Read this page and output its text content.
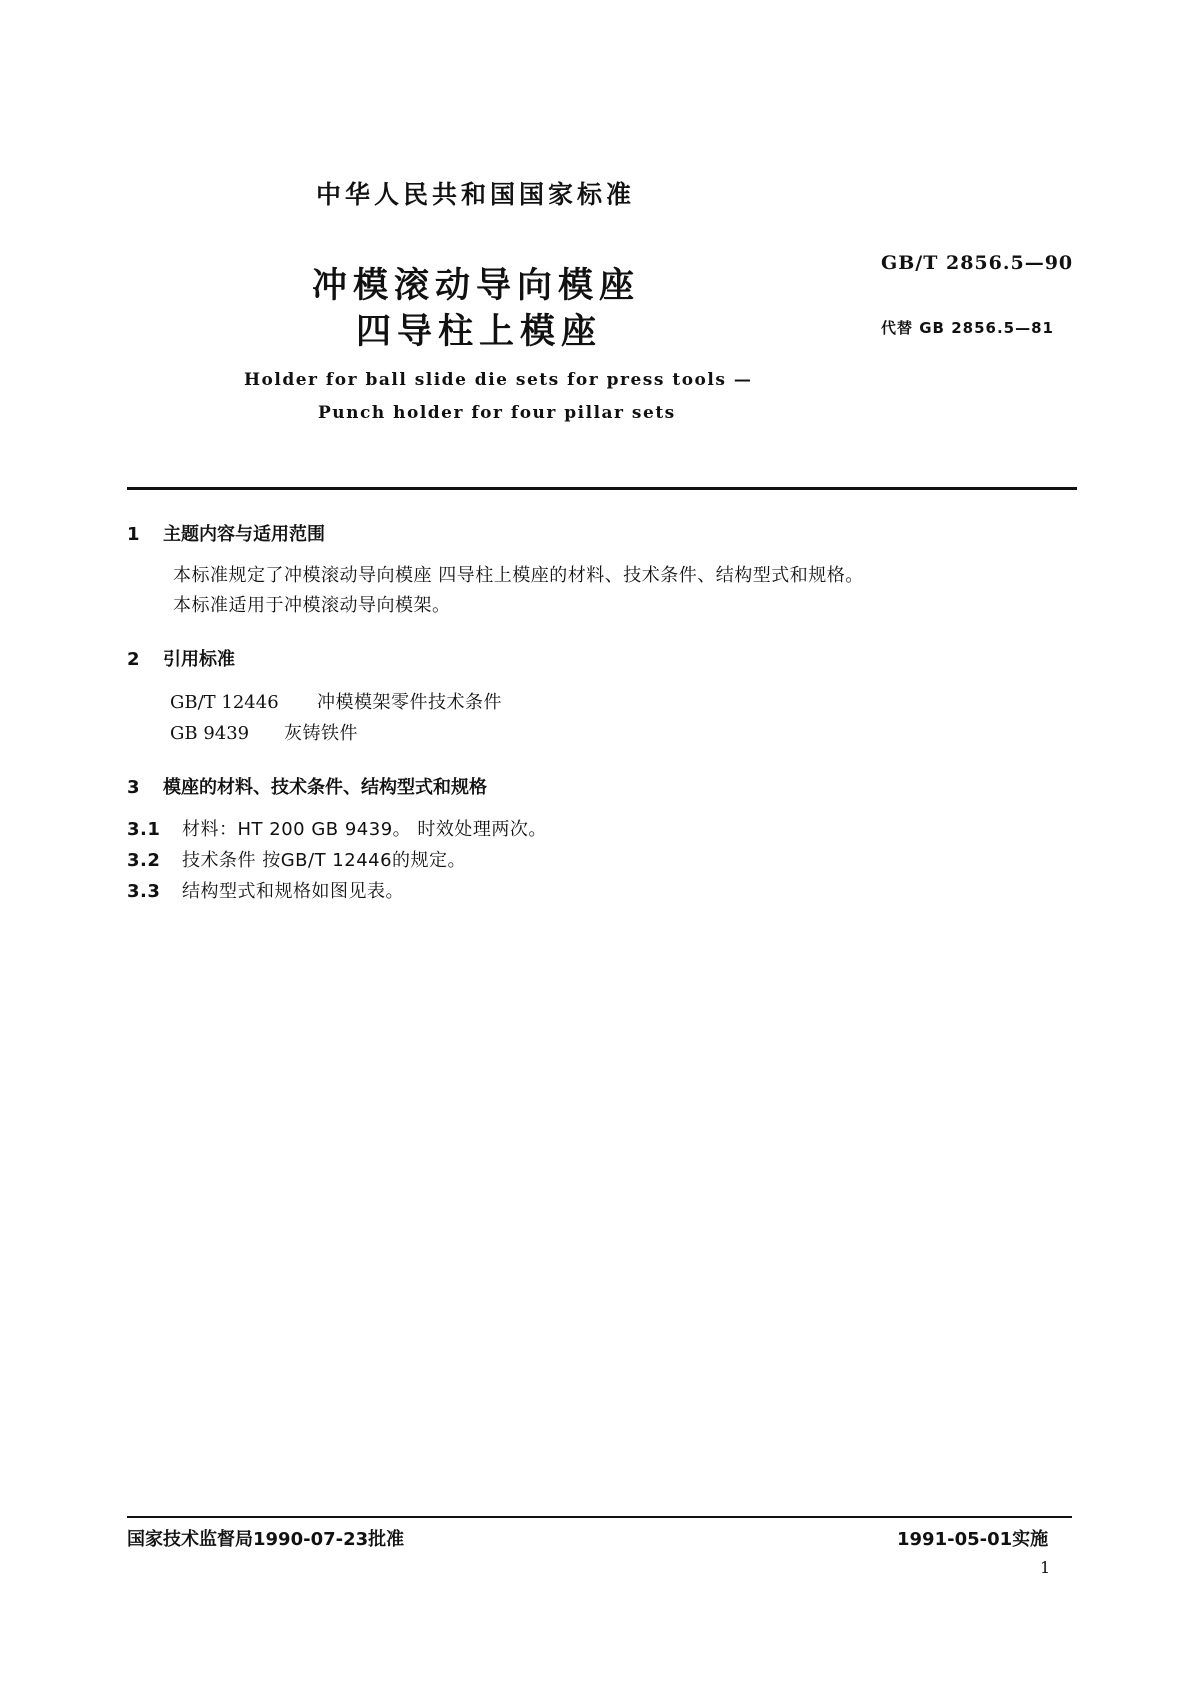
中华人民共和国国家标准
冲模滚动导向模座
四导柱上模座
GB/T 2856.5—90
代替 GB 2856.5—81
Holder for ball slide die sets for press tools —
Punch holder for four pillar sets
1 主题内容与适用范围
本标准规定了冲模滚动导向模座 四导柱上模座的材料、技术条件、结构型式和规格。
本标准适用于冲模滚动导向模架。
2 引用标准
GB/T 12446 冲模模架零件技术条件
GB 9439 灰铸铁件
3 模座的材料、技术条件、结构型式和规格
3.1 材料：HT 200 GB 9439。 时效处理两次。
3.2 技术条件 按GB/T 12446的规定。
3.3 结构型式和规格如图见表。
国家技术监督局1990-07-23批准	1991-05-01实施
1
